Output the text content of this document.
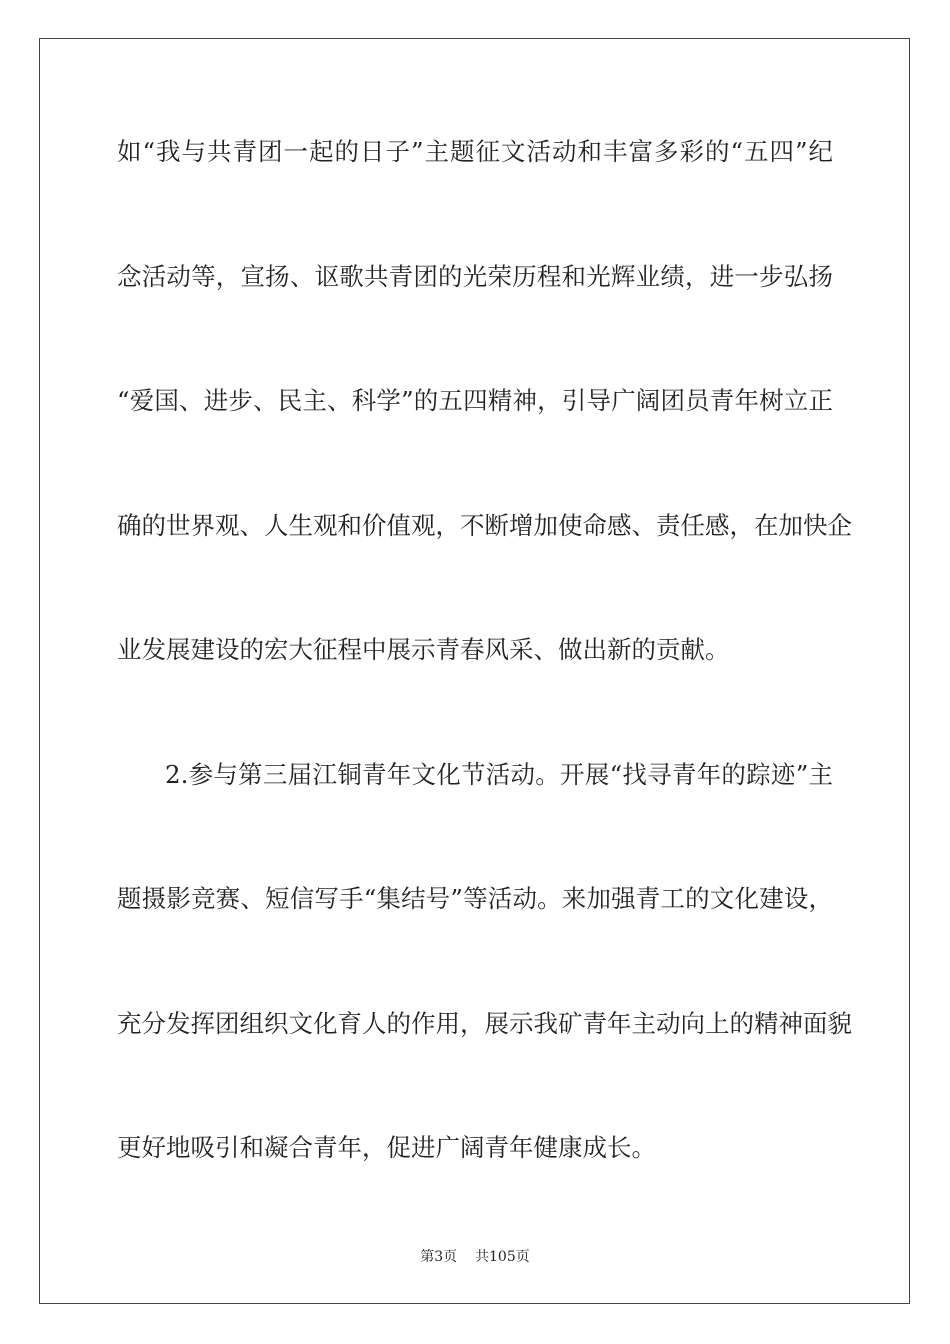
如“我与共青团一起的日子”主题征文活动和丰富多彩的“五四”纪
念活动等，宣扬、讴歌共青团的光荣历程和光辉业绩，进一步弘扬
“爱国、进步、民主、科学”的五四精神，引导广阔团员青年树立正
确的世界观、人生观和价值观，不断增加使命感、责任感，在加快企
业发展建设的宏大征程中展示青春风采、做出新的贡献。
2.参与第三届江铜青年文化节活动。开展“找寻青年的踪迹”主
题摄影竞赛、短信写手“集结号”等活动。来加强青工的文化建设，
充分发挥团组织文化育人的作用，展示我矿青年主动向上的精神面貌
更好地吸引和凝合青年，促进广阔青年健康成长。
第3页 共105页
